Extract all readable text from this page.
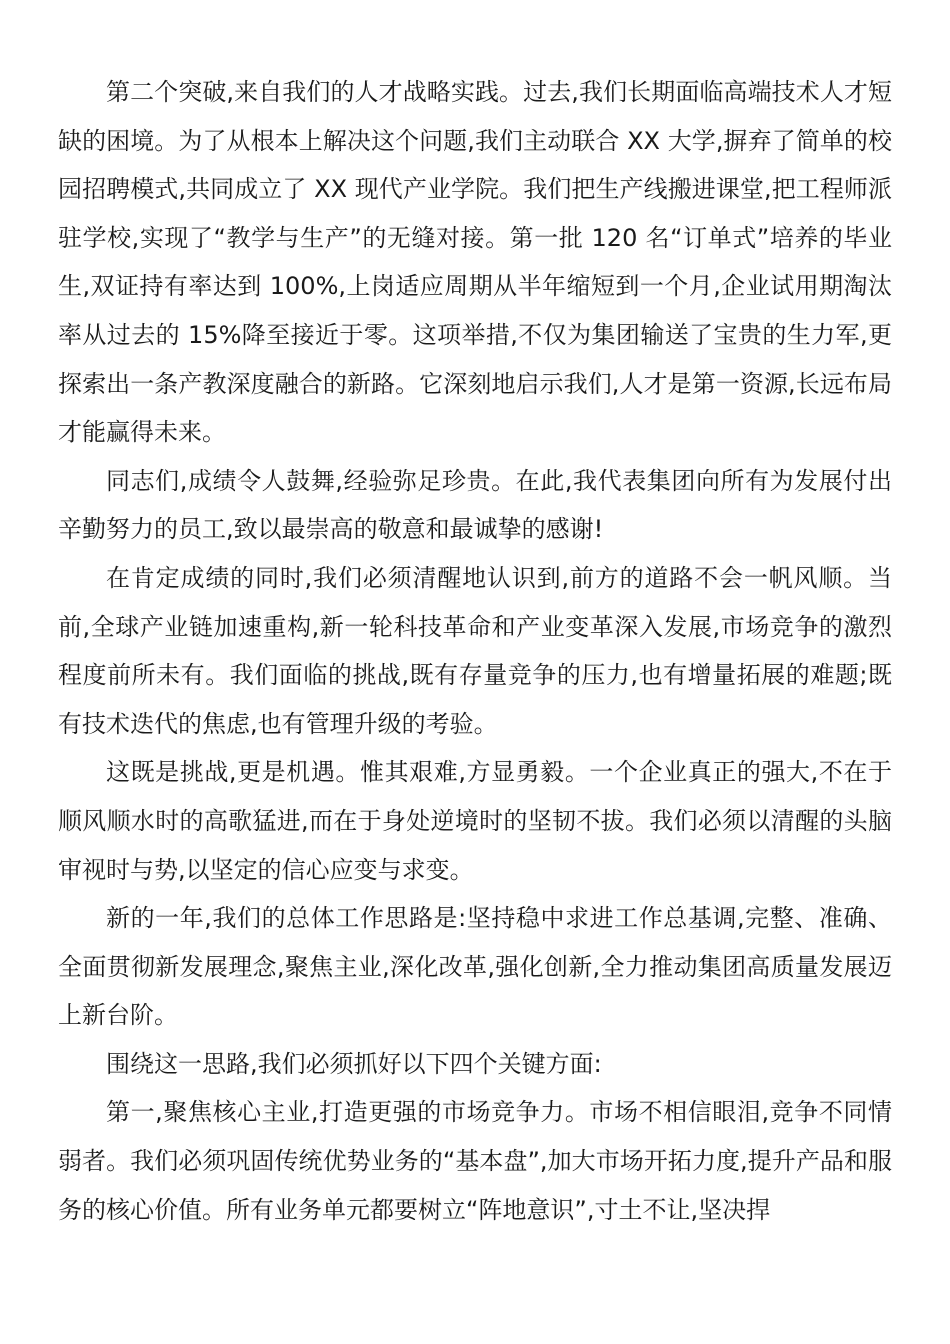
第二个突破,来自我们的人才战略实践。过去,我们长期面临高端技术人才短缺的困境。为了从根本上解决这个问题,我们主动联合 XX 大学,摒弃了简单的校园招聘模式,共同成立了 XX 现代产业学院。我们把生产线搬进课堂,把工程师派驻学校,实现了“教学与生产”的无缝对接。第一批 120 名“订单式”培养的毕业生,双证持有率达到 100%,上岗适应周期从半年缩短到一个月,企业试用期淘汰率从过去的 15%降至接近于零。这项举措,不仅为集团输送了宝贵的生力军,更探索出一条产教深度融合的新路。它深刻地启示我们,人才是第一资源,长远布局才能赢得未来。

同志们,成绩令人鼓舞,经验弥足珍贵。在此,我代表集团向所有为发展付出辛勤努力的员工,致以最崇高的敬意和最诚挚的感谢!

在肯定成绩的同时,我们必须清醒地认识到,前方的道路不会一帆风顺。当前,全球产业链加速重构,新一轮科技革命和产业变革深入发展,市场竞争的激烈程度前所未有。我们面临的挑战,既有存量竞争的压力,也有增量拓展的难题;既有技术迭代的焦虑,也有管理升级的考验。

这既是挑战,更是机遇。惟其艰难,方显勇毅。一个企业真正的强大,不在于顺风顺水时的高歌猛进,而在于身处逆境时的坚韧不拔。我们必须以清醒的头脑审视时与势,以坚定的信心应变与求变。

新的一年,我们的总体工作思路是:坚持稳中求进工作总基调,完整、准确、全面贯彻新发展理念,聚焦主业,深化改革,强化创新,全力推动集团高质量发展迈上新台阶。

围绕这一思路,我们必须抓好以下四个关键方面:

第一,聚焦核心主业,打造更强的市场竞争力。市场不相信眼泪,竞争不同情弱者。我们必须巩固传统优势业务的“基本盘”,加大市场开拓力度,提升产品和服务的核心价值。所有业务单元都要树立“阵地意识”,寸土不让,坚决捍
